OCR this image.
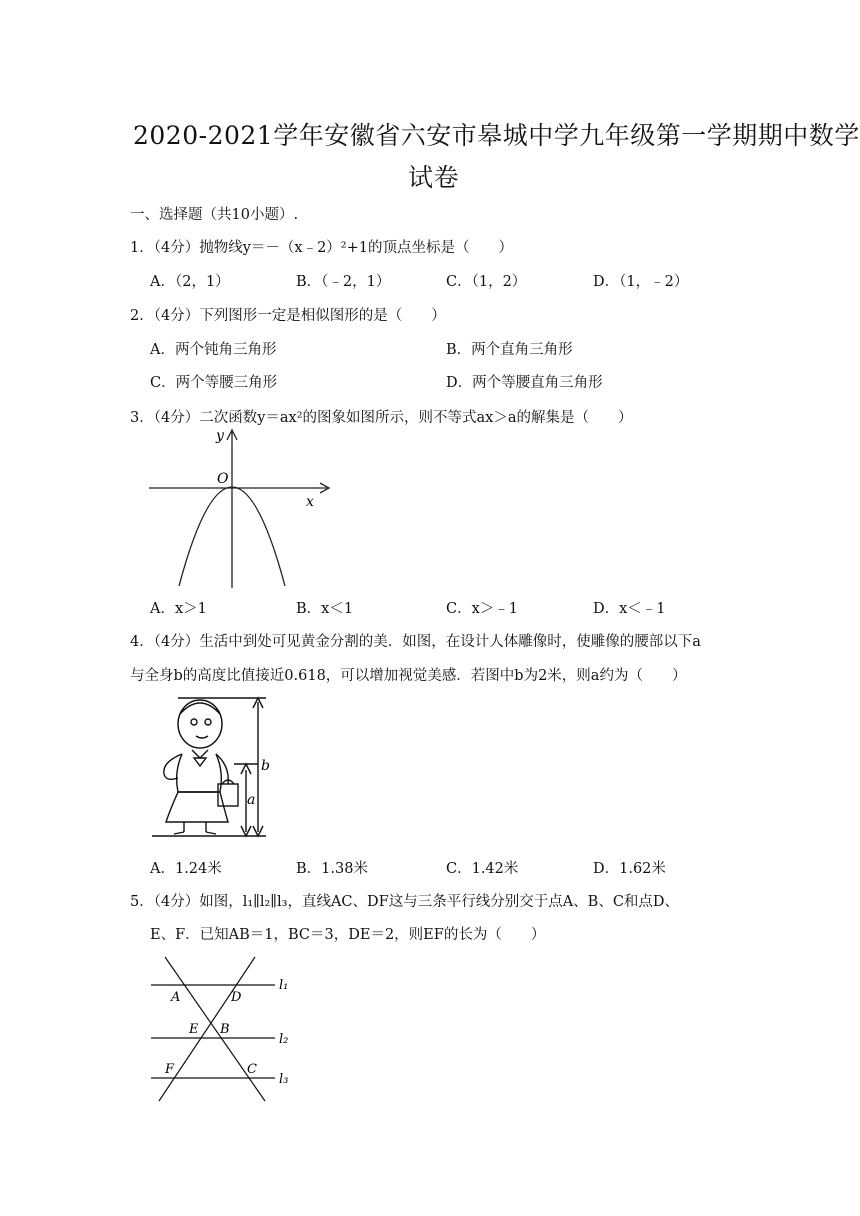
2020-2021学年安徽省六安市皋城中学九年级第一学期期中数学
试卷
一、选择题（共10小题）.
1．（4分）抛物线y＝－（x﹣2）²+1的顶点坐标是（　　）
A．（2，1）	B．（﹣2，1）	C．（1，2）	D．（1，﹣2）
2．（4分）下列图形一定是相似图形的是（　　）
A．两个钝角三角形	B．两个直角三角形
C．两个等腰三角形	D．两个等腰直角三角形
3．（4分）二次函数y＝ax²的图象如图所示，则不等式ax＞a的解集是（　　）
y
x
O
A．x＞1	B．x＜1	C．x＞﹣1	D．x＜﹣1
4．（4分）生活中到处可见黄金分割的美．如图，在设计人体雕像时，使雕像的腰部以下a
与全身b的高度比值接近0.618，可以增加视觉美感．若图中b为2米，则a约为（　　）
b
a
A．1.24米	B．1.38米	C．1.42米	D．1.62米
5．（4分）如图，l₁∥l₂∥l₃，直线AC、DF这与三条平行线分别交于点A、B、C和点D、
E、F．已知AB＝1，BC＝3，DE＝2，则EF的长为（　　）
A	D
E B
F	C
l₁
l₂
l₃
